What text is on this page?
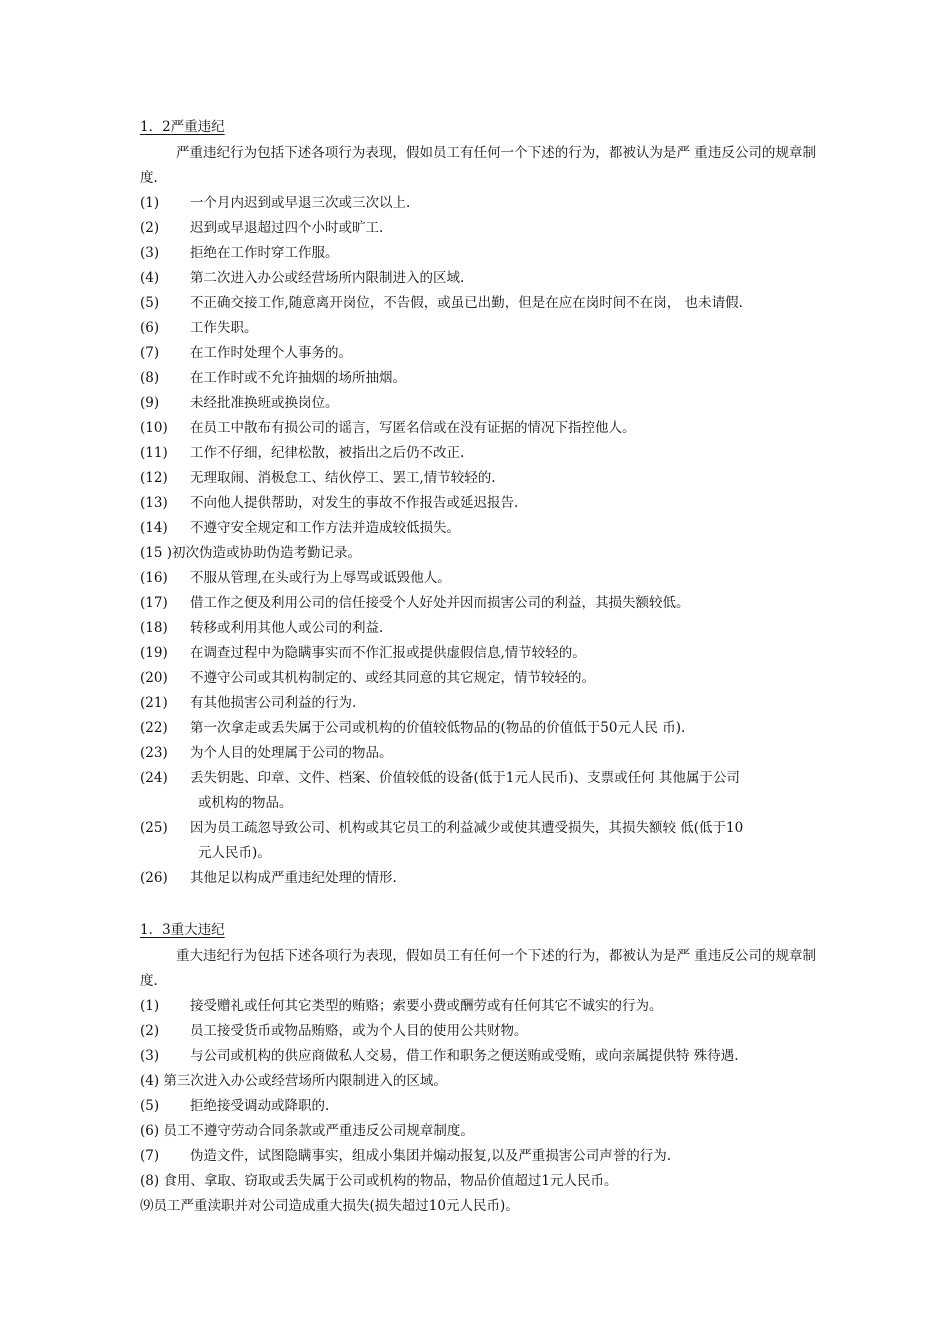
1．2严重违纪
严重违纪行为包括下述各项行为表现，假如员工有任何一个下述的行为，都被认为是严 重违反公司的规章制度.
(1)	一个月内迟到或早退三次或三次以上.
(2)	迟到或早退超过四个小时或旷工.
(3)	拒绝在工作时穿工作服。
(4)	第二次进入办公或经营场所内限制进入的区域.
(5)	不正确交接工作,随意离开岗位，不告假，或虽已出勤，但是在应在岗时间不在岗， 也未请假.
(6)	工作失职。
(7)	在工作时处理个人事务的。
(8)	在工作时或不允许抽烟的场所抽烟。
(9)	未经批准换班或换岗位。
(10)	在员工中散布有损公司的谣言，写匿名信或在没有证据的情况下指控他人。
(11)	工作不仔细，纪律松散，被指出之后仍不改正.
(12)	无理取闹、消极怠工、结伙停工、罢工,情节较轻的.
(13)	不向他人提供帮助，对发生的事故不作报告或延迟报告.
(14)	不遵守安全规定和工作方法并造成较低损失。
(15 )初次伪造或协助伪造考勤记录。
(16)	不服从管理,在头或行为上辱骂或诋毁他人。
(17)	借工作之便及利用公司的信任接受个人好处并因而损害公司的利益，其损失额较低。
(18)	转移或利用其他人或公司的利益.
(19)	在调查过程中为隐瞒事实而不作汇报或提供虚假信息,情节较轻的。
(20)	不遵守公司或其机构制定的、或经其同意的其它规定，情节较轻的。
(21)	有其他损害公司利益的行为.
(22)	第一次拿走或丢失属于公司或机构的价值较低物品的(物品的价值低于50元人民 币).
(23)	为个人目的处理属于公司的物品。
(24)	丢失钥匙、印章、文件、档案、价值较低的设备(低于1元人民币)、支票或任何 其他属于公司
或机构的物品。
(25)	因为员工疏忽导致公司、机构或其它员工的利益减少或使其遭受损失，其损失额较 低(低于10
元人民币)。
(26)	其他足以构成严重违纪处理的情形.
1．3重大违纪
重大违纪行为包括下述各项行为表现，假如员工有任何一个下述的行为，都被认为是严 重违反公司的规章制度.
(1)	接受赠礼或任何其它类型的贿赂；索要小费或酬劳或有任何其它不诚实的行为。
(2)	员工接受货币或物品贿赂，或为个人目的使用公共财物。
(3)	与公司或机构的供应商做私人交易，借工作和职务之便送贿或受贿，或向亲属提供特 殊待遇.
(4) 第三次进入办公或经营场所内限制进入的区域。
(5)	拒绝接受调动或降职的.
(6) 员工不遵守劳动合同条款或严重违反公司规章制度。
(7)	伪造文件，试图隐瞒事实，组成小集团并煽动报复,以及严重损害公司声誉的行为.
(8) 食用、拿取、窃取或丢失属于公司或机构的物品，物品价值超过1元人民币。
⑼员工严重渎职并对公司造成重大损失(损失超过10元人民币)。
